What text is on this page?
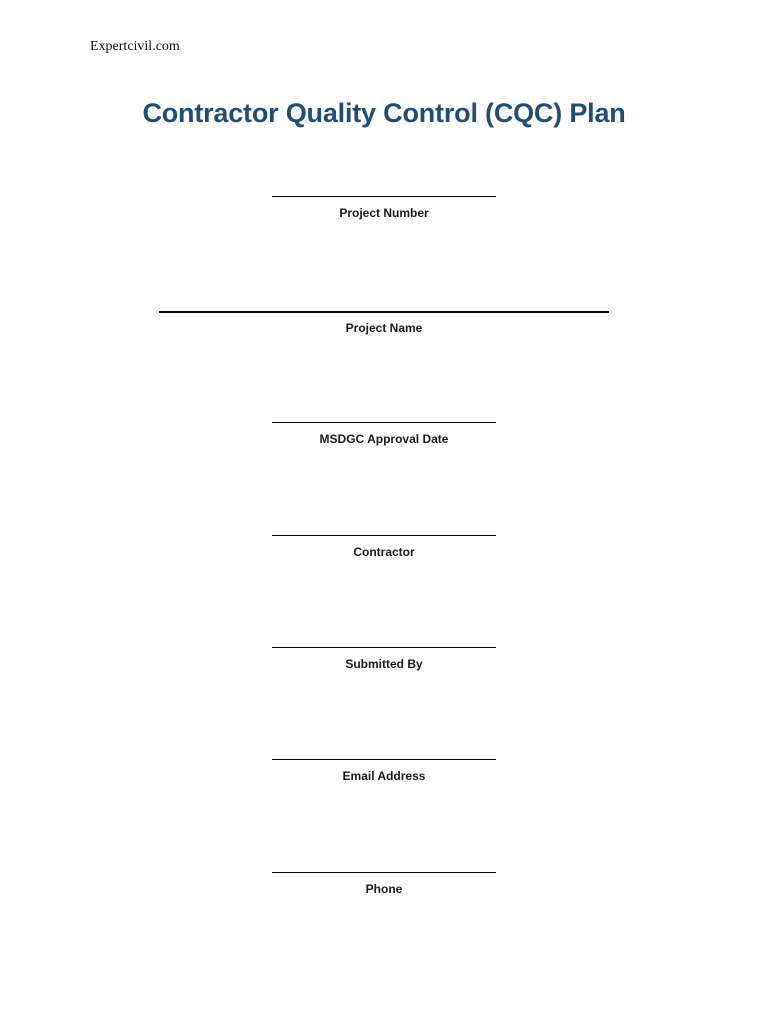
Expertcivil.com
Contractor Quality Control (CQC) Plan
Project Number
Project Name
MSDGC Approval Date
Contractor
Submitted By
Email Address
Phone
